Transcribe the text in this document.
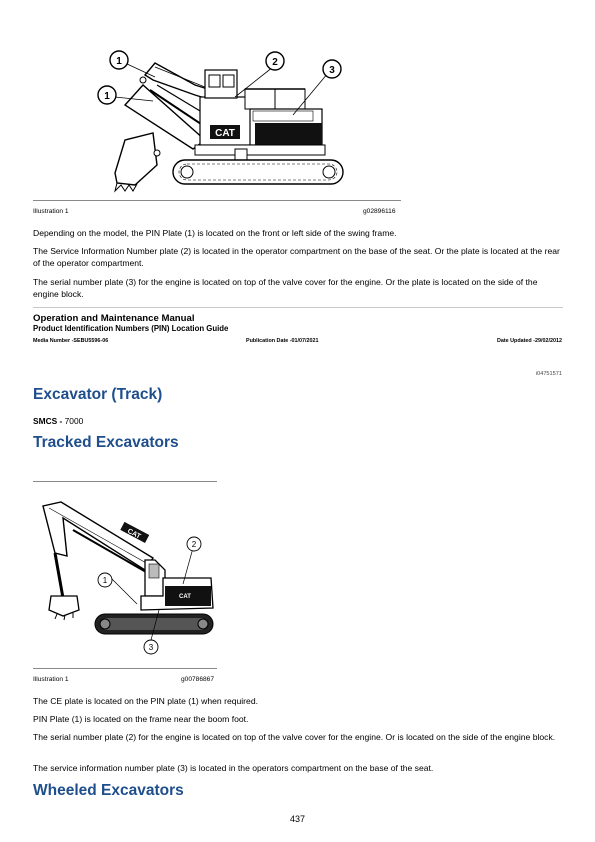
CAT
1
1
2
3
Illustration 1	g02896116

Depending on the model, the PIN Plate (1) is located on the front or left side of the swing frame.

The Service Information Number plate (2) is located in the operator compartment on the base of the seat. Or the plate is located at the rear of the operator compartment.

The serial number plate (3) for the engine is located on top of the valve cover for the engine. Or the plate is located on the side of the engine block.

Operation and Maintenance Manual
Product Identification Numbers (PIN) Location Guide
Media Number -SEBU5596-06	Publication Date -01/07/2021	Date Updated -29/02/2012
i04751571
Excavator (Track)
SMCS - 7000
Tracked Excavators
CAT
CAT
1
2
3
Illustration 1	g00786867

The CE plate is located on the PIN plate (1) when required.

PIN Plate (1) is located on the frame near the boom foot.

The serial number plate (2) for the engine is located on top of the valve cover for the engine. Or is located on the side of the engine block.

The service information number plate (3) is located in the operators compartment on the base of the seat.

Wheeled Excavators
437
